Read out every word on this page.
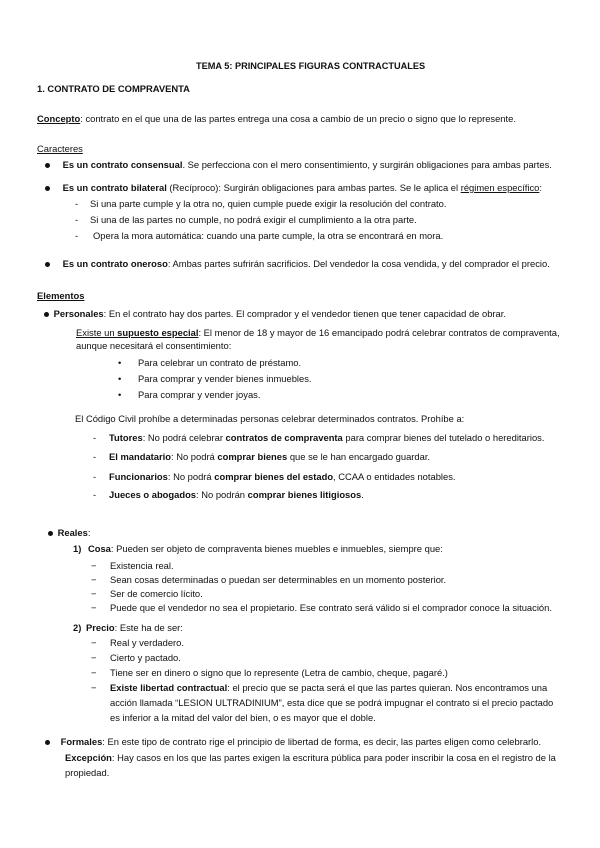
TEMA 5: PRINCIPALES FIGURAS CONTRACTUALES
1. CONTRATO DE COMPRAVENTA
Concepto: contrato en el que una de las partes entrega una cosa a cambio de un precio o signo que lo represente.
Caracteres
Es un contrato consensual. Se perfecciona con el mero consentimiento, y surgirán obligaciones para ambas partes.
Es un contrato bilateral (Recíproco): Surgirán obligaciones para ambas partes. Se le aplica el régimen específico:
- Si una parte cumple y la otra no, quien cumple puede exigir la resolución del contrato.
- Si una de las partes no cumple, no podrá exigir el cumplimiento a la otra parte.
- Opera la mora automática: cuando una parte cumple, la otra se encontrará en mora.
Es un contrato oneroso: Ambas partes sufrirán sacrificios. Del vendedor la cosa vendida, y del comprador el precio.
Elementos
Personales: En el contrato hay dos partes. El comprador y el vendedor tienen que tener capacidad de obrar.
Existe un supuesto especial: El menor de 18 y mayor de 16 emancipado podrá celebrar contratos de compraventa,
aunque necesitará el consentimiento:
• Para celebrar un contrato de préstamo.
• Para comprar y vender bienes inmuebles.
• Para comprar y vender joyas.
El Código Civil prohíbe a determinadas personas celebrar determinados contratos. Prohíbe a:
- Tutores: No podrá celebrar contratos de compraventa para comprar bienes del tutelado o hereditarios.
- El mandatario: No podrá comprar bienes que se le han encargado guardar.
- Funcionarios: No podrá comprar bienes del estado, CCAA o entidades notables.
- Jueces o abogados: No podrán comprar bienes litigiosos.
Reales:
1) Cosa: Pueden ser objeto de compraventa bienes muebles e inmuebles, siempre que:
− Existencia real.
− Sean cosas determinadas o puedan ser determinables en un momento posterior.
− Ser de comercio lícito.
− Puede que el vendedor no sea el propietario. Ese contrato será válido si el comprador conoce la situación.
2) Precio: Este ha de ser:
− Real y verdadero.
− Cierto y pactado.
− Tiene ser en dinero o signo que lo represente (Letra de cambio, cheque, pagaré.)
− Existe libertad contractual: el precio que se pacta será el que las partes quieran. Nos encontramos una
acción llamada “LESION ULTRADINIUM”, esta dice que se podrá impugnar el contrato si el precio pactado
es inferior a la mitad del valor del bien, o es mayor que el doble.
Formales: En este tipo de contrato rige el principio de libertad de forma, es decir, las partes eligen como celebrarlo.
Excepción: Hay casos en los que las partes exigen la escritura pública para poder inscribir la cosa en el registro de la
propiedad.
